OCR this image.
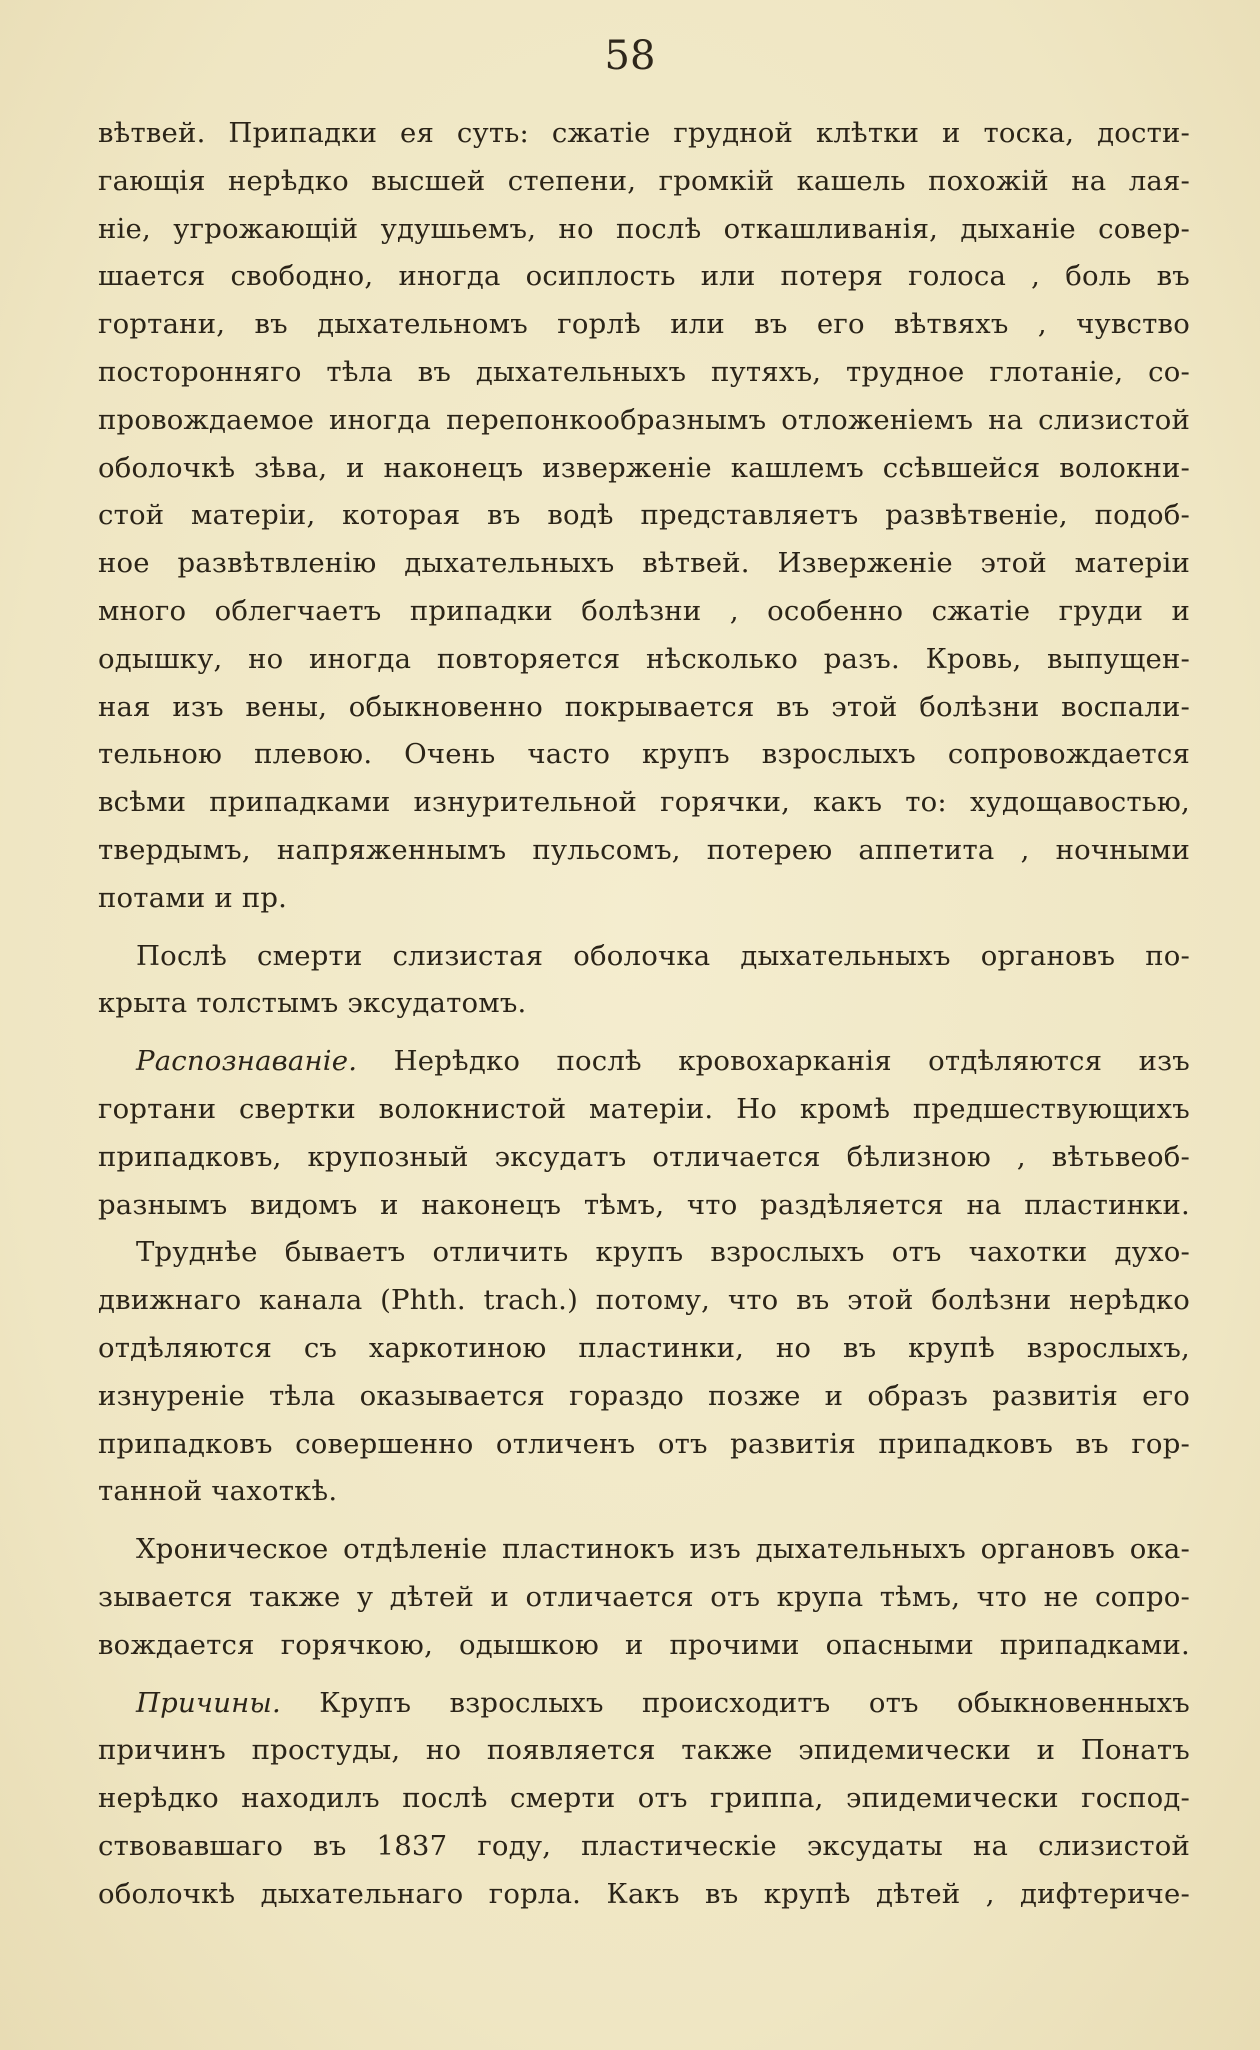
58
вѣтвей. Припадки ея суть: сжатіе грудной клѣтки и тоска, дости-
гающія нерѣдко высшей степени, громкій кашель похожій на лая-
ніе, угрожающій удушьемъ, но послѣ откашливанія, дыханіе совер-
шается свободно, иногда осиплость или потеря голоса , боль въ
гортани, въ дыхательномъ горлѣ или въ его вѣтвяхъ , чувство
посторонняго тѣла въ дыхательныхъ путяхъ, трудное глотаніе, со-
провождаемое иногда перепонкообразнымъ отложеніемъ на слизистой
оболочкѣ зѣва, и наконецъ изверженіе кашлемъ ссѣвшейся волокни-
стой матеріи, которая въ водѣ представляетъ развѣтвеніе, подоб-
ное развѣтвленію дыхательныхъ вѣтвей. Изверженіе этой матеріи
много облегчаетъ припадки болѣзни , особенно сжатіе груди и
одышку, но иногда повторяется нѣсколько разъ. Кровь, выпущен-
ная изъ вены, обыкновенно покрывается въ этой болѣзни воспали-
тельною плевою. Очень часто крупъ взрослыхъ сопровождается
всѣми припадками изнурительной горячки, какъ то: худощавостью,
твердымъ, напряженнымъ пульсомъ, потерею аппетита , ночными
потами и пр.
Послѣ смерти слизистая оболочка дыхательныхъ органовъ по-
крыта толстымъ эксудатомъ.
Распознаваніе. Нерѣдко послѣ кровохарканія отдѣляются изъ
гортани свертки волокнистой матеріи. Но кромѣ предшествующихъ
припадковъ, крупозный эксудатъ отличается бѣлизною , вѣтьвеоб-
разнымъ видомъ и наконецъ тѣмъ, что раздѣляется на пластинки.
Труднѣе бываетъ отличить крупъ взрослыхъ отъ чахотки духо-
движнаго канала (Phth. trach.) потому, что въ этой болѣзни нерѣдко
отдѣляются съ харкотиною пластинки, но въ крупѣ взрослыхъ,
изнуреніе тѣла оказывается гораздо позже и образъ развитія его
припадковъ совершенно отличенъ отъ развитія припадковъ въ гор-
танной чахоткѣ.
Хроническое отдѣленіе пластинокъ изъ дыхательныхъ органовъ ока-
зывается также у дѣтей и отличается отъ крупа тѣмъ, что не сопро-
вождается горячкою, одышкою и прочими опасными припадками.
Причины. Крупъ взрослыхъ происходитъ отъ обыкновенныхъ
причинъ простуды, но появляется также эпидемически и Понатъ
нерѣдко находилъ послѣ смерти отъ гриппа, эпидемически господ-
ствовавшаго въ 1837 году, пластическіе эксудаты на слизистой
оболочкѣ дыхательнаго горла. Какъ въ крупѣ дѣтей , дифтериче-
